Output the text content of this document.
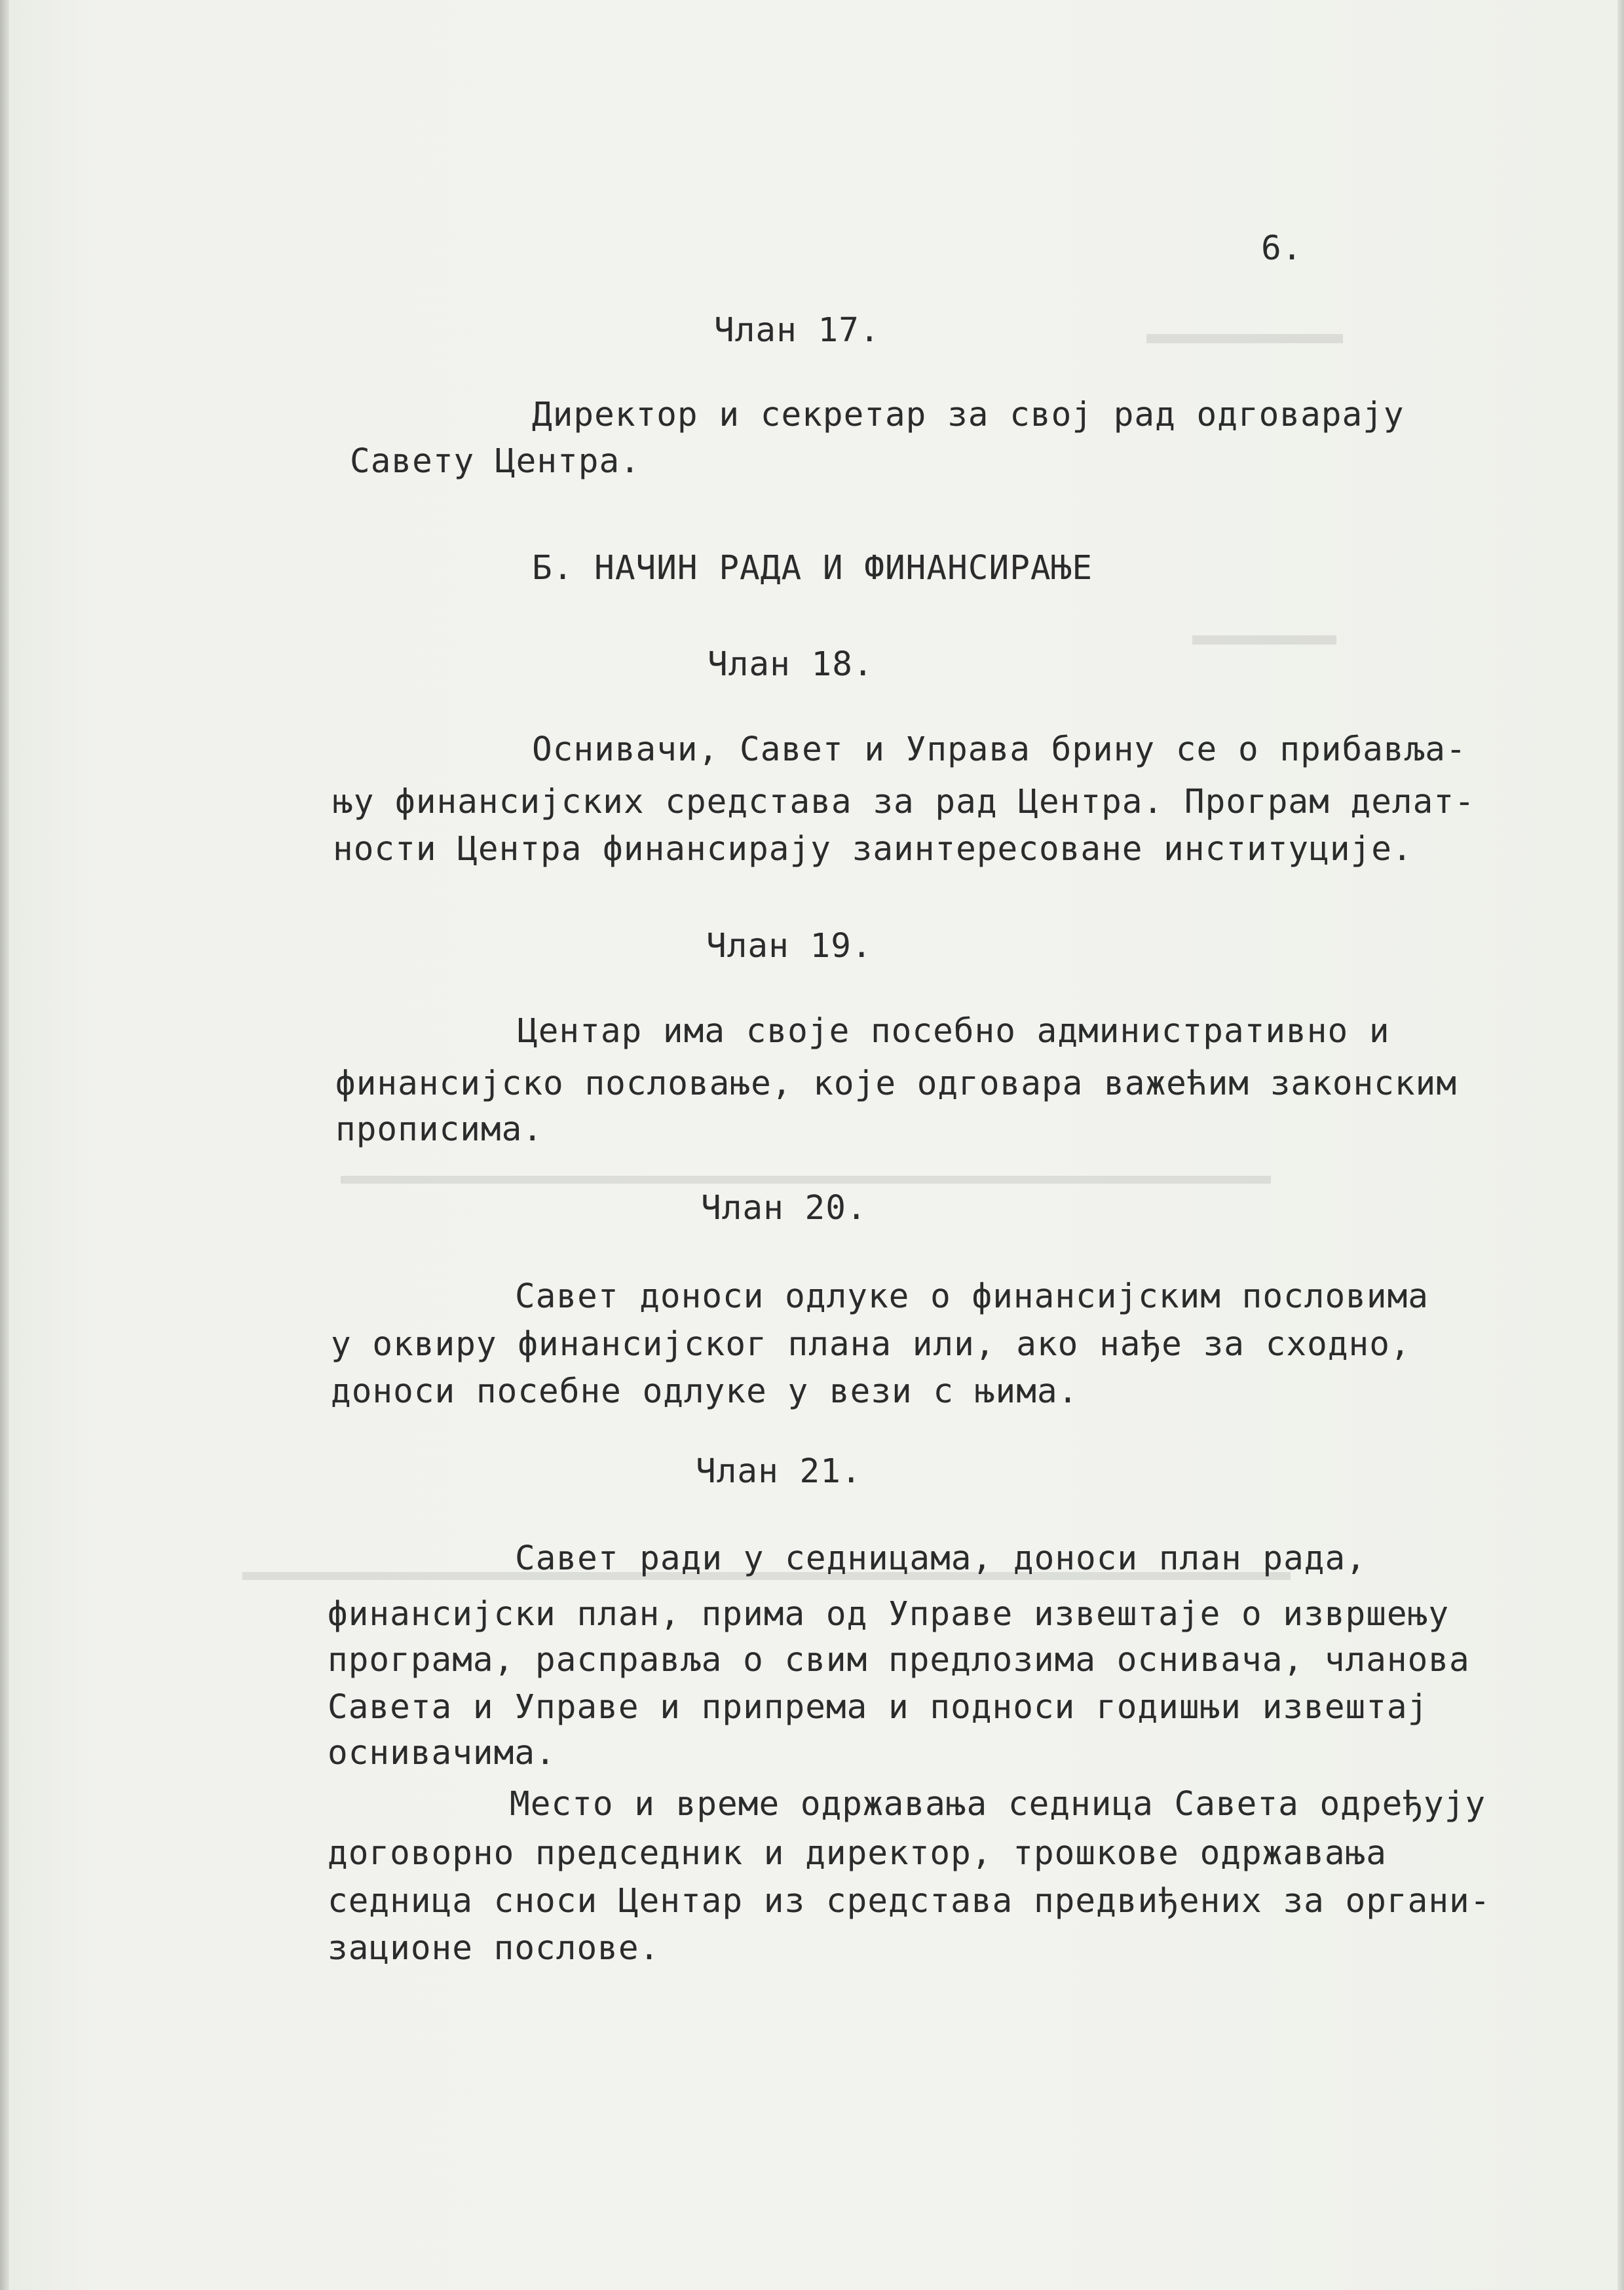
6.

Члан 17.

Директор и секретар за свој рад одговарају

Савету Центра.

Б. НАЧИН РАДА И ФИНАНСИРАЊЕ

Члан 18.

Оснивачи, Савет и Управа брину се о прибавља-

њу финансијских средстава за рад Центра. Програм делат-

ности Центра финансирају заинтересоване институције.

Члан 19.

Центар има своје посебно административно и

финансијско пословање, које одговара важећим законским

прописима.

Члан 20.

Савет доноси одлуке о финансијским пословима

у оквиру финансијског плана или, ако нађе за сходно,

доноси посебне одлуке у вези с њима.

Члан 21.

Савет ради у седницама, доноси план рада,

финансијски план, прима од Управе извештаје о извршењу

програма, расправља о свим предлозима оснивача, чланова

Савета и Управе и припрема и подноси годишњи извештај

оснивачима.

Место и време одржавања седница Савета одређују

договорно председник и директор, трошкове одржавања

седница сноси Центар из средстава предвиђених за органи-

зационе послове.
